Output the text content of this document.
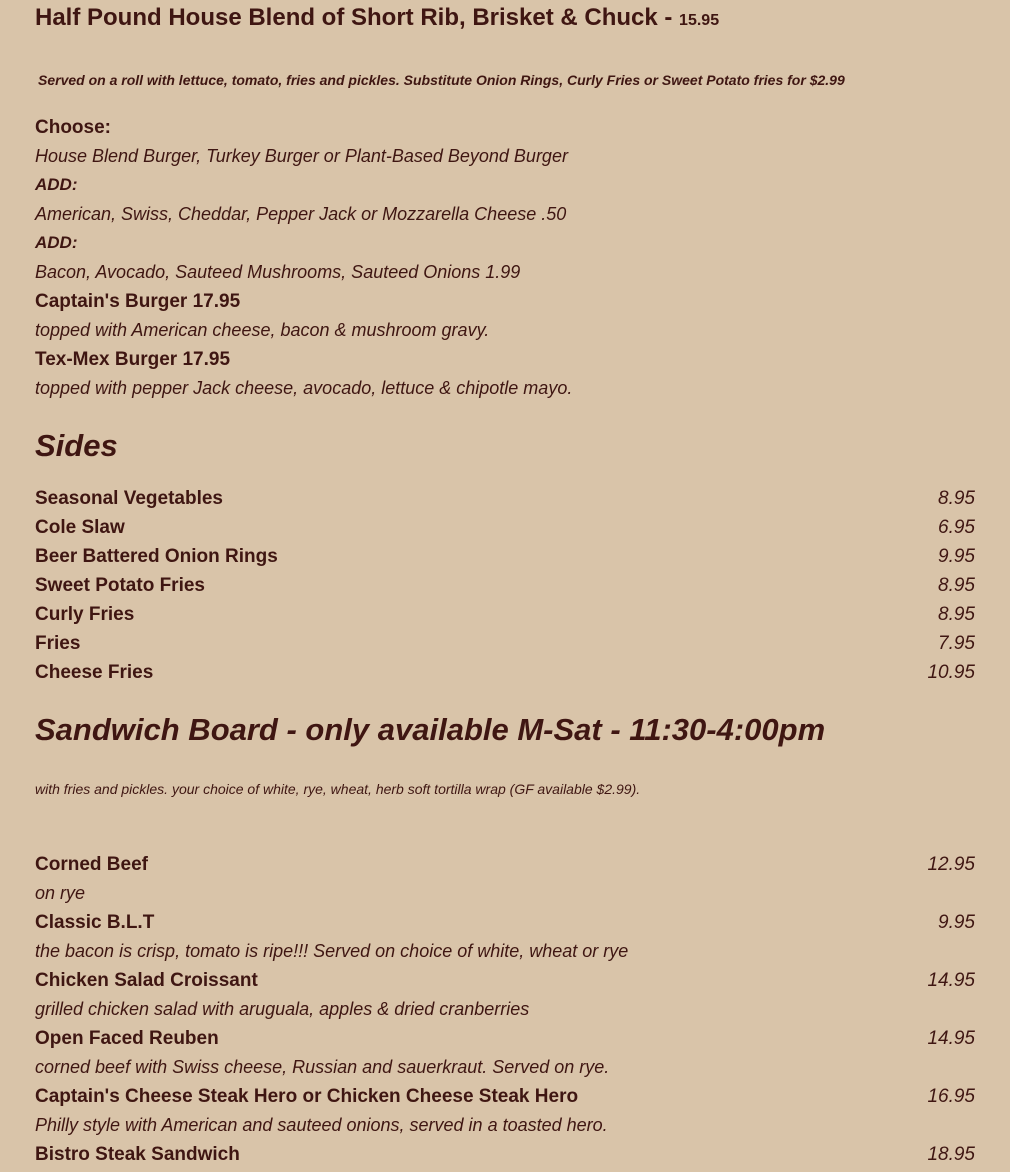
Half Pound House Blend of Short Rib, Brisket & Chuck - 15.95
Served on a roll with lettuce, tomato, fries and pickles. Substitute Onion Rings, Curly Fries or Sweet Potato fries for $2.99
Choose:
House Blend Burger, Turkey Burger or Plant-Based Beyond Burger
ADD:
American, Swiss, Cheddar, Pepper Jack or Mozzarella Cheese .50
ADD:
Bacon, Avocado, Sauteed Mushrooms, Sauteed Onions 1.99
Captain's Burger 17.95
topped with American cheese, bacon & mushroom gravy.
Tex-Mex Burger 17.95
topped with pepper Jack cheese, avocado, lettuce & chipotle mayo.
Sides
Seasonal Vegetables	8.95
Cole Slaw	6.95
Beer Battered Onion Rings	9.95
Sweet Potato Fries	8.95
Curly Fries	8.95
Fries	7.95
Cheese Fries	10.95
Sandwich Board - only available M-Sat - 11:30-4:00pm
with fries and pickles. your choice of white, rye, wheat, herb soft tortilla wrap (GF available $2.99).
Corned Beef	12.95
on rye
Classic B.L.T	9.95
the bacon is crisp, tomato is ripe!!! Served on choice of white, wheat or rye
Chicken Salad Croissant	14.95
grilled chicken salad with aruguala, apples & dried cranberries
Open Faced Reuben	14.95
corned beef with Swiss cheese, Russian and sauerkraut. Served on rye.
Captain's Cheese Steak Hero or Chicken Cheese Steak Hero	16.95
Philly style with American and sauteed onions, served in a toasted hero.
Bistro Steak Sandwich	18.95
